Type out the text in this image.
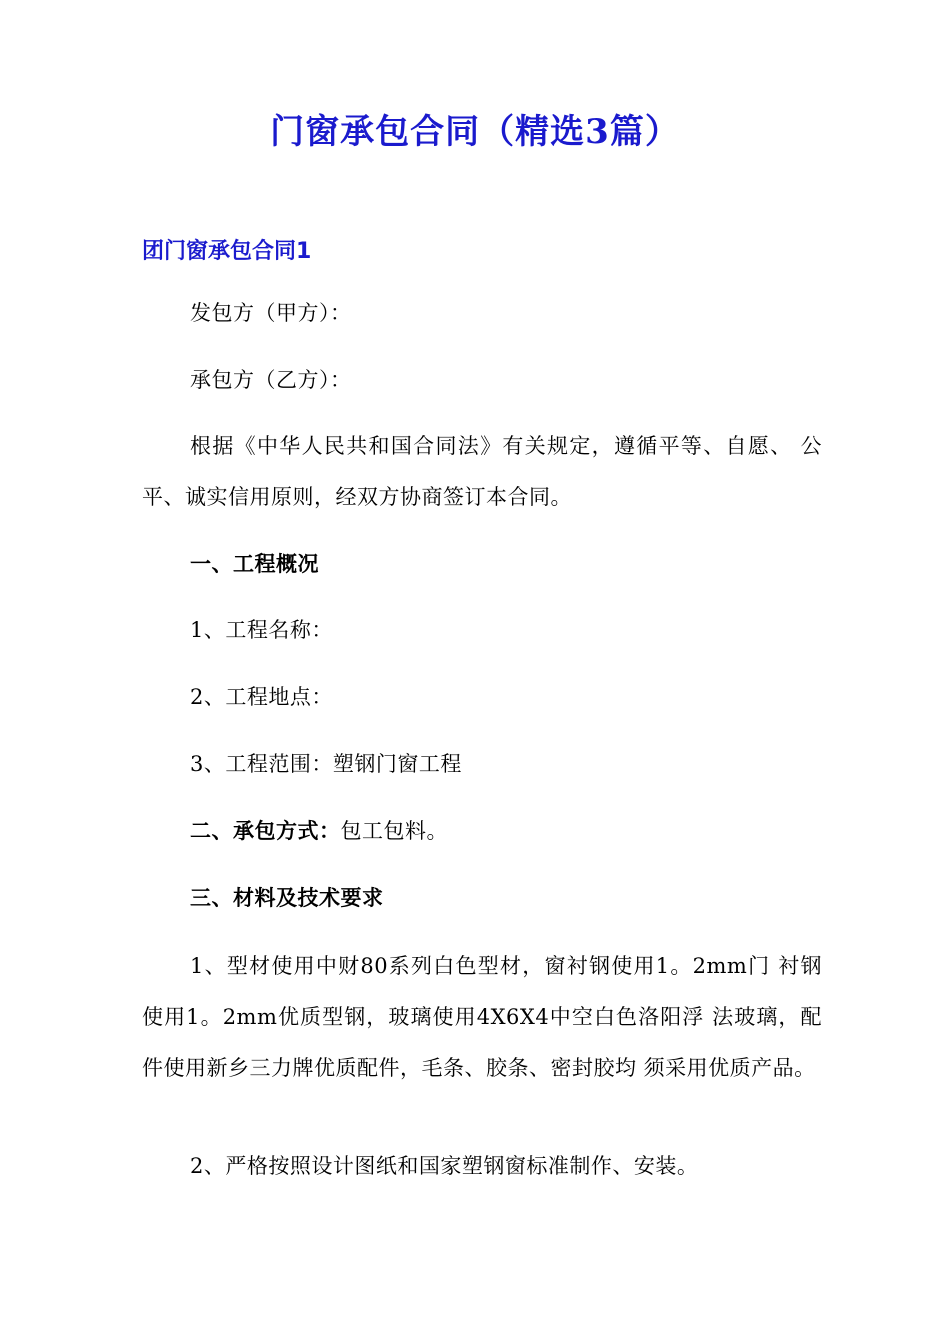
门窗承包合同（精选3篇）
团门窗承包合同1

发包方（甲方）：

承包方（乙方）：

根据《中华人民共和国合同法》有关规定，遵循平等、自愿、 公平、诚实信用原则，经双方协商签订本合同。

一、工程概况

1、工程名称：

2、工程地点：

3、工程范围：塑钢门窗工程

二、承包方式：包工包料。

三、材料及技术要求

1、型材使用中财80系列白色型材，窗衬钢使用1。2mm门 衬钢使用1。2mm优质型钢，玻璃使用4X6X4中空白色洛阳浮 法玻璃，配件使用新乡三力牌优质配件，毛条、胶条、密封胶均 须采用优质产品。

2、严格按照设计图纸和国家塑钢窗标准制作、安装。
